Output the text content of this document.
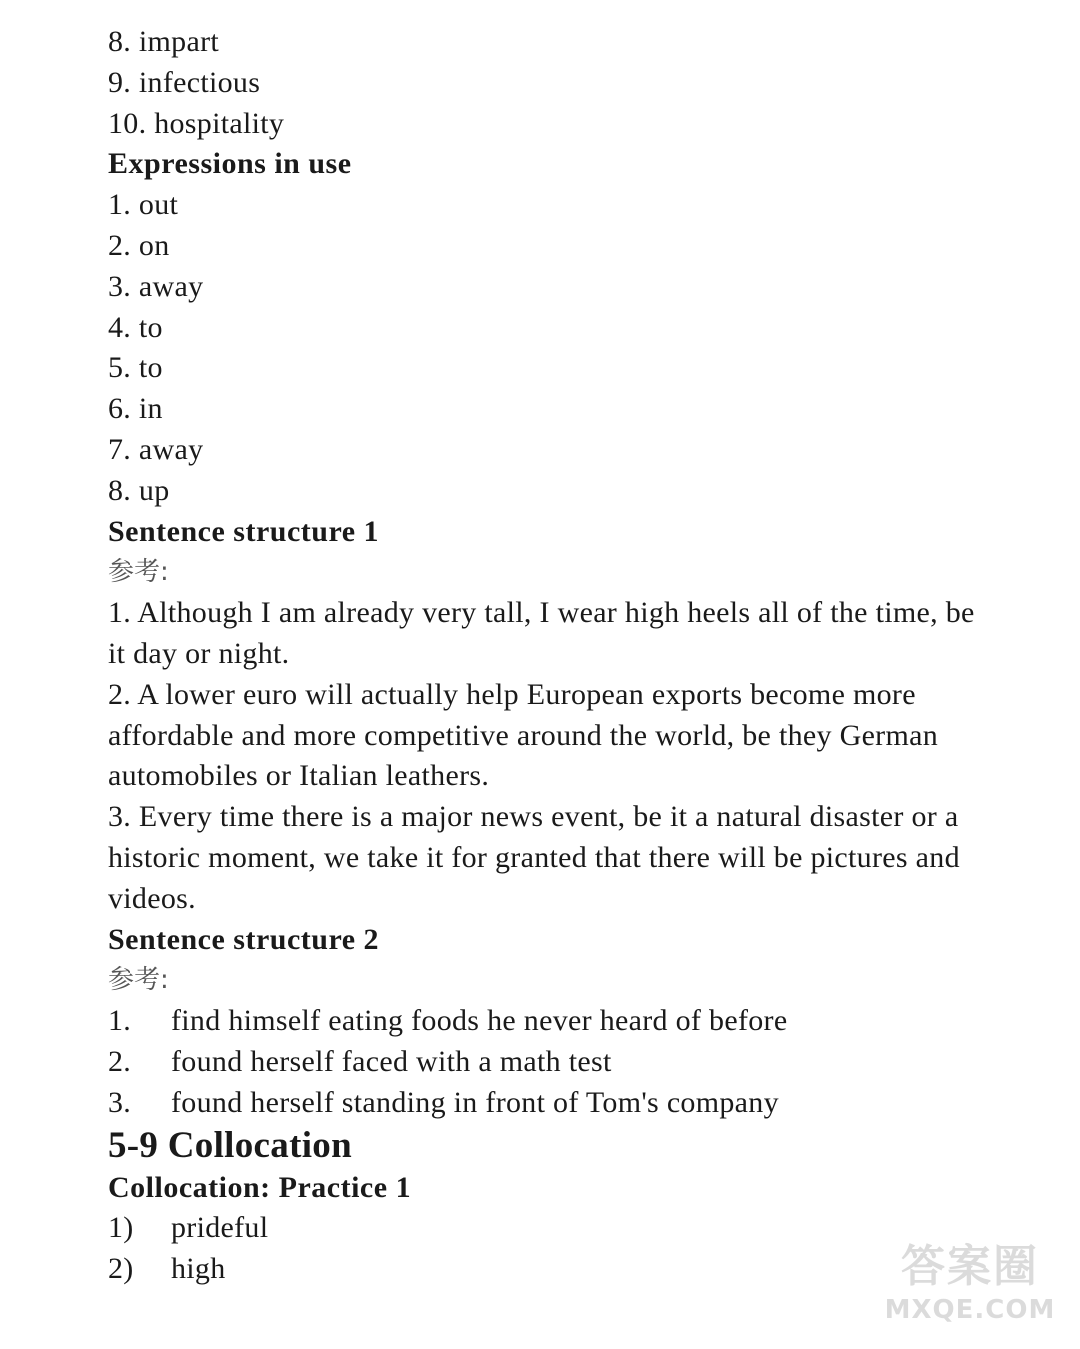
8. impart
9. infectious
10. hospitality
Expressions in use
1. out
2. on
3. away
4. to
5. to
6. in
7. away
8. up
Sentence structure 1
参考:
1. Although I am already very tall, I wear high heels all of the time, be it day or night.
2. A lower euro will actually help European exports become more affordable and more competitive around the world, be they German automobiles or Italian leathers.
3. Every time there is a major news event, be it a natural disaster or a historic moment, we take it for granted that there will be pictures and videos.
Sentence structure 2
参考:
1.	find himself eating foods he never heard of before
2.	found herself faced with a math test
3.	found herself standing in front of Tom's company
5-9 Collocation
Collocation: Practice 1
1)	prideful
2)	high	答案圈
MXQE.COM
